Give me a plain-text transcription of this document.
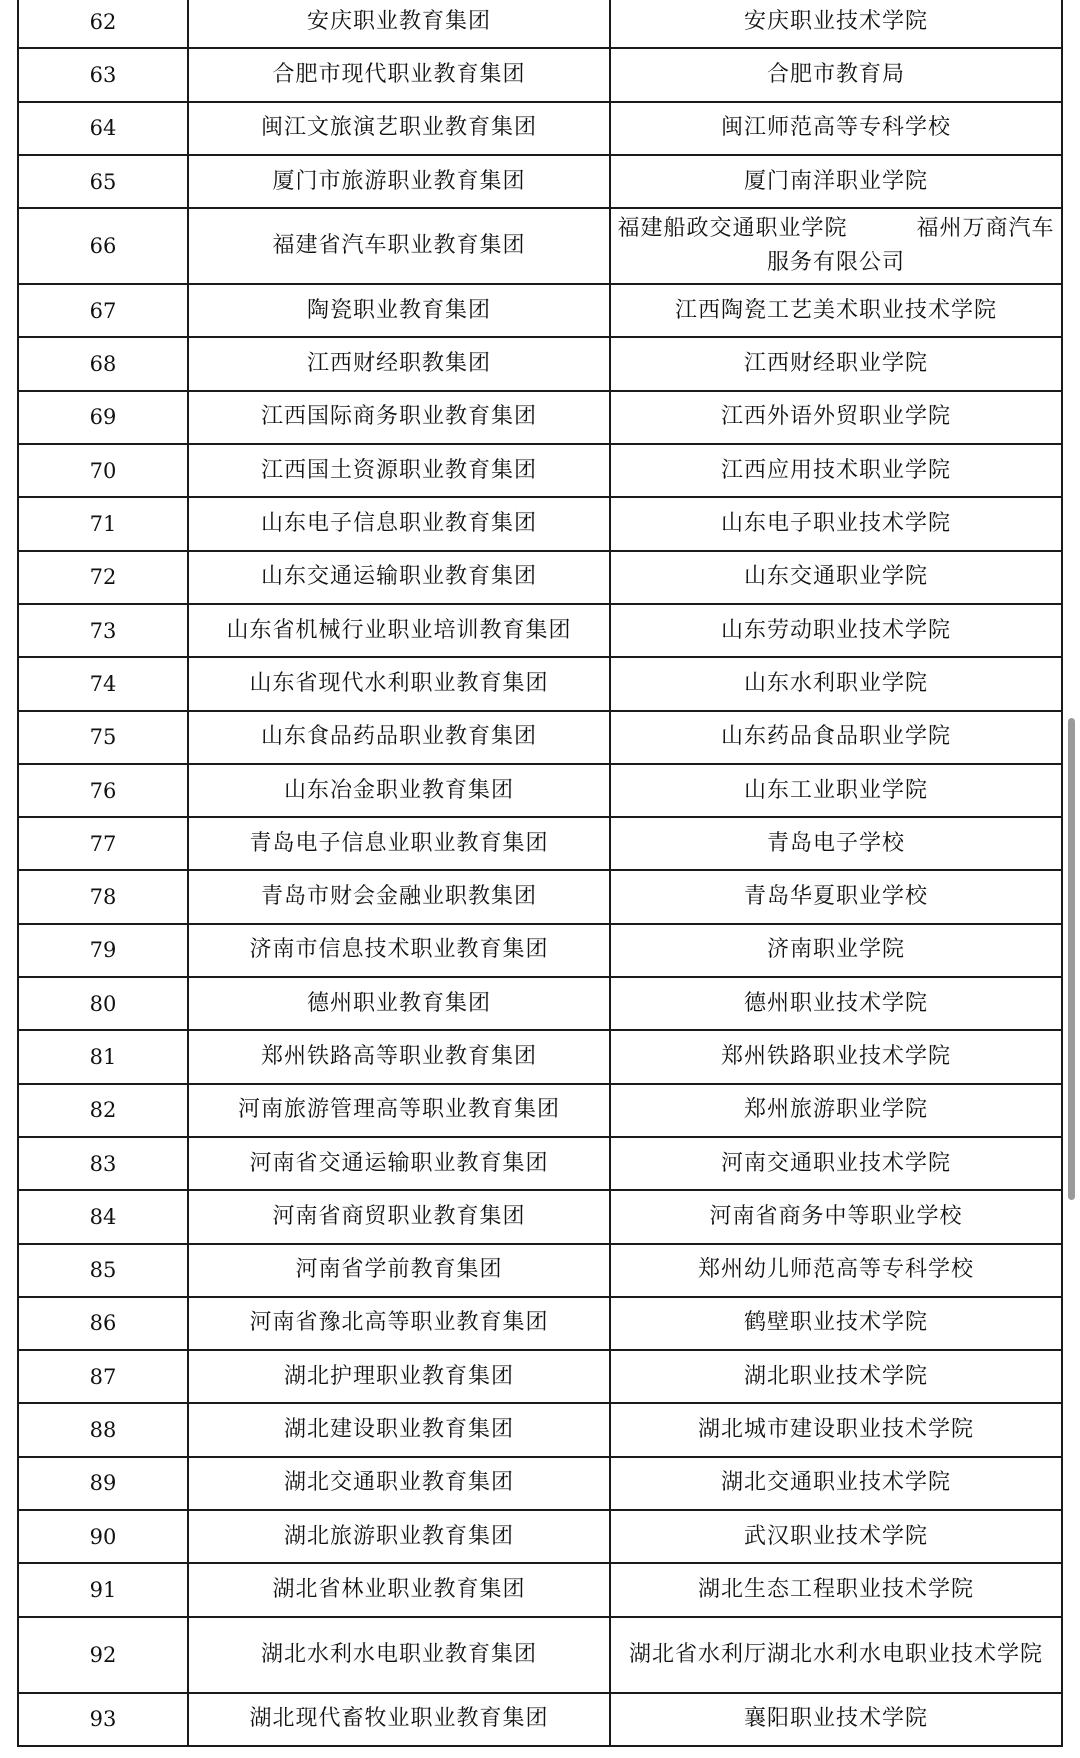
62	安庆职业教育集团	安庆职业技术学院
63	合肥市现代职业教育集团	合肥市教育局
64	闽江文旅演艺职业教育集团	闽江师范高等专科学校
65	厦门市旅游职业教育集团	厦门南洋职业学院
66	福建省汽车职业教育集团	福建船政交通职业学院　　　福州万商汽车服务有限公司
67	陶瓷职业教育集团	江西陶瓷工艺美术职业技术学院
68	江西财经职教集团	江西财经职业学院
69	江西国际商务职业教育集团	江西外语外贸职业学院
70	江西国土资源职业教育集团	江西应用技术职业学院
71	山东电子信息职业教育集团	山东电子职业技术学院
72	山东交通运输职业教育集团	山东交通职业学院
73	山东省机械行业职业培训教育集团	山东劳动职业技术学院
74	山东省现代水利职业教育集团	山东水利职业学院
75	山东食品药品职业教育集团	山东药品食品职业学院
76	山东冶金职业教育集团	山东工业职业学院
77	青岛电子信息业职业教育集团	青岛电子学校
78	青岛市财会金融业职教集团	青岛华夏职业学校
79	济南市信息技术职业教育集团	济南职业学院
80	德州职业教育集团	德州职业技术学院
81	郑州铁路高等职业教育集团	郑州铁路职业技术学院
82	河南旅游管理高等职业教育集团	郑州旅游职业学院
83	河南省交通运输职业教育集团	河南交通职业技术学院
84	河南省商贸职业教育集团	河南省商务中等职业学校
85	河南省学前教育集团	郑州幼儿师范高等专科学校
86	河南省豫北高等职业教育集团	鹤壁职业技术学院
87	湖北护理职业教育集团	湖北职业技术学院
88	湖北建设职业教育集团	湖北城市建设职业技术学院
89	湖北交通职业教育集团	湖北交通职业技术学院
90	湖北旅游职业教育集团	武汉职业技术学院
91	湖北省林业职业教育集团	湖北生态工程职业技术学院
92	湖北水利水电职业教育集团	湖北省水利厅湖北水利水电职业技术学院
93	湖北现代畜牧业职业教育集团	襄阳职业技术学院
